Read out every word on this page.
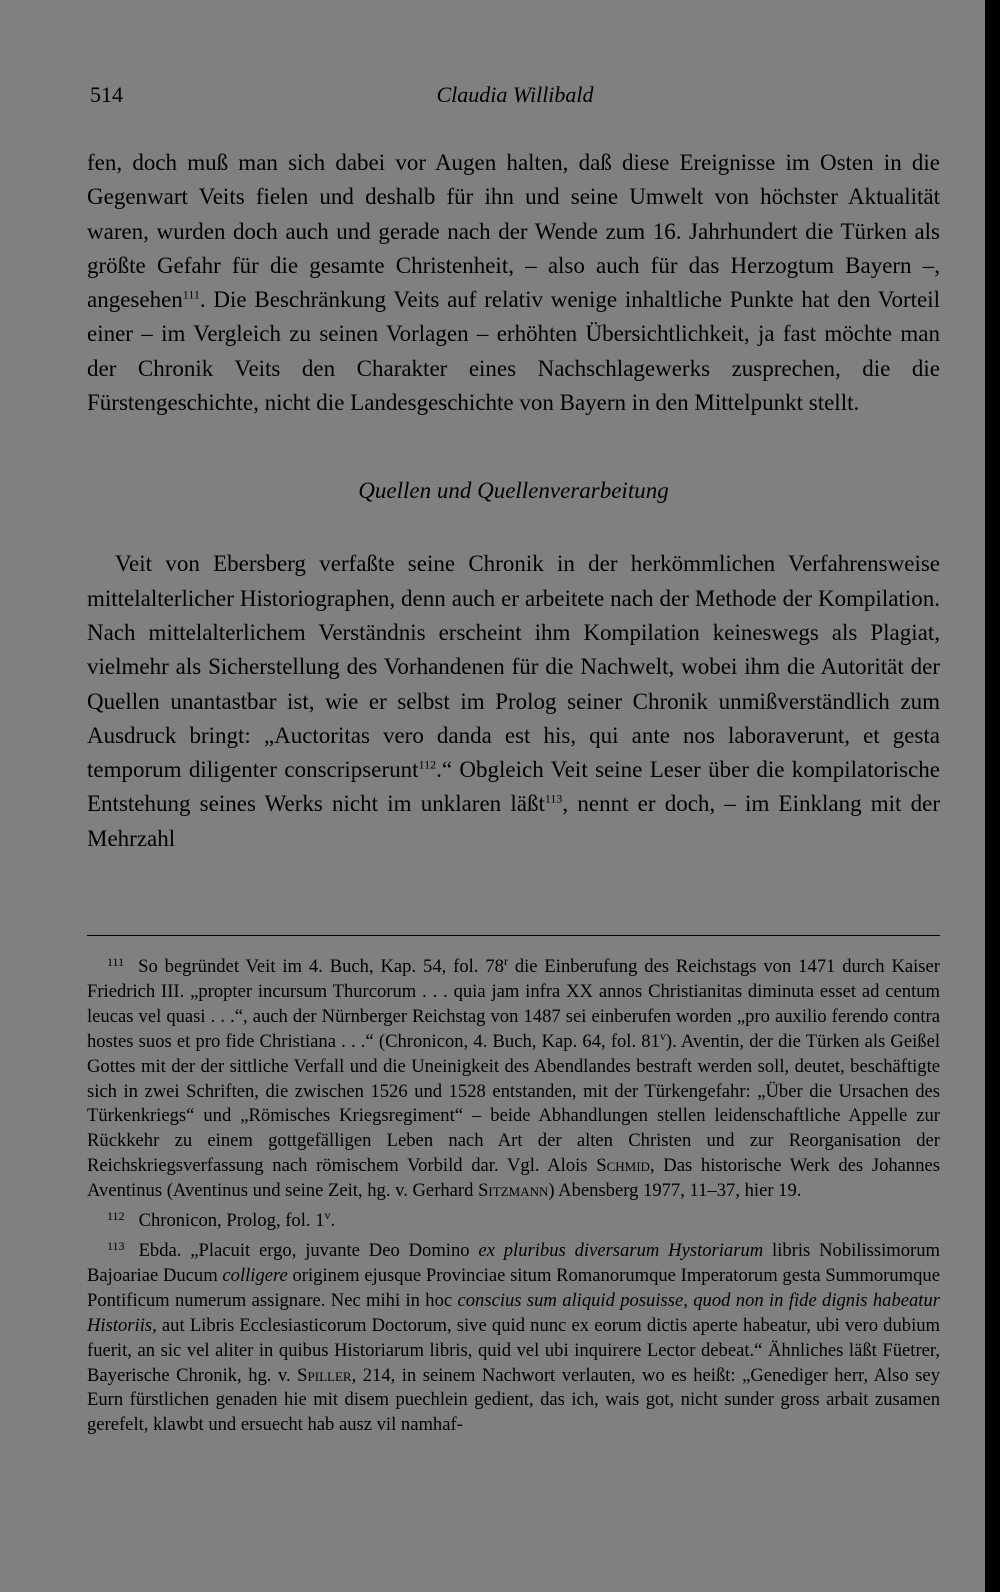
514	Claudia Willibald

fen, doch muß man sich dabei vor Augen halten, daß diese Ereignisse im Osten in die Gegenwart Veits fielen und deshalb für ihn und seine Umwelt von höchster Aktualität waren, wurden doch auch und gerade nach der Wende zum 16. Jahrhundert die Türken als größte Gefahr für die gesamte Christenheit, – also auch für das Herzogtum Bayern –, angesehen$^{111}$. Die Beschränkung Veits auf relativ wenige inhaltliche Punkte hat den Vorteil einer – im Vergleich zu seinen Vorlagen – erhöhten Übersichtlichkeit, ja fast möchte man der Chronik Veits den Charakter eines Nachschlagewerks zusprechen, die die Fürstengeschichte, nicht die Landesgeschichte von Bayern in den Mittelpunkt stellt.

Quellen und Quellenverarbeitung

Veit von Ebersberg verfaßte seine Chronik in der herkömmlichen Verfahrensweise mittelalterlicher Historiographen, denn auch er arbeitete nach der Methode der Kompilation. Nach mittelalterlichem Verständnis erscheint ihm Kompilation keineswegs als Plagiat, vielmehr als Sicherstellung des Vorhandenen für die Nachwelt, wobei ihm die Autorität der Quellen unantastbar ist, wie er selbst im Prolog seiner Chronik unmißverständlich zum Ausdruck bringt: „Auctoritas vero danda est his, qui ante nos laboraverunt, et gesta temporum diligenter conscripserunt$^{112}$.“ Obgleich Veit seine Leser über die kompilatorische Entstehung seines Werks nicht im unklaren läßt$^{113}$, nennt er doch, – im Einklang mit der Mehrzahl

111 So begründet Veit im 4. Buch, Kap. 54, fol. 78$^r$ die Einberufung des Reichstags von 1471 durch Kaiser Friedrich III. „propter incursum Thurcorum . . . quia jam infra XX annos Christianitas diminuta esset ad centum leucas vel quasi . . .“, auch der Nürnberger Reichstag von 1487 sei einberufen worden „pro auxilio ferendo contra hostes suos et pro fide Christiana . . .“ (Chronicon, 4. Buch, Kap. 64, fol. 81$^v$). Aventin, der die Türken als Geißel Gottes mit der der sittliche Verfall und die Uneinigkeit des Abendlandes bestraft werden soll, deutet, beschäftigte sich in zwei Schriften, die zwischen 1526 und 1528 entstanden, mit der Türkengefahr: „Über die Ursachen des Türkenkriegs“ und „Römisches Kriegsregiment“ – beide Abhandlungen stellen leidenschaftliche Appelle zur Rückkehr zu einem gottgefälligen Leben nach Art der alten Christen und zur Reorganisation der Reichskriegsverfassung nach römischem Vorbild dar. Vgl. Alois Schmid, Das historische Werk des Johannes Aventinus (Aventinus und seine Zeit, hg. v. Gerhard Sitzmann) Abensberg 1977, 11–37, hier 19.

112 Chronicon, Prolog, fol. 1$^v$.

113 Ebda. „Placuit ergo, juvante Deo Domino ex pluribus diversarum Hystoriarum libris Nobilissimorum Bajoariae Ducum colligere originem ejusque Provinciae situm Romanorumque Imperatorum gesta Summorumque Pontificum numerum assignare. Nec mihi in hoc conscius sum aliquid posuisse, quod non in fide dignis habeatur Historiis, aut Libris Ecclesiasticorum Doctorum, sive quid nunc ex eorum dictis aperte habeatur, ubi vero dubium fuerit, an sic vel aliter in quibus Historiarum libris, quid vel ubi inquirere Lector debeat.“ Ähnliches läßt Füetrer, Bayerische Chronik, hg. v. Spiller, 214, in seinem Nachwort verlauten, wo es heißt: „Genediger herr, Also sey Eurn fürstlichen genaden hie mit disem puechlein gedient, das ich, wais got, nicht sunder gross arbait zusamen gerefelt, klawbt und ersuecht hab ausz vil namhaf-
